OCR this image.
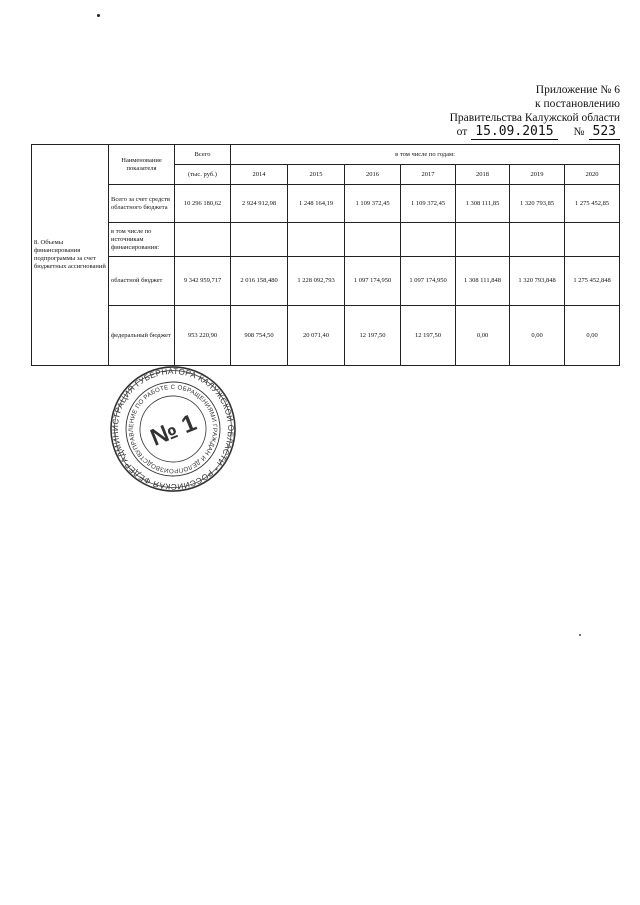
Приложение № 6
к постановлению
Правительства Калужской области
от 15.09.2015	№ 523
8. Объемы финансирования подпрограммы за счет бюджетных ассигнований	Наименование показателя	Всего	в том числе по годам:						
		(тыс. руб.)	2014	2015	2016	2017	2018	2019	2020
	Всего за счет средств областного бюджета	10 296 180,62	2 924 912,98	1 248 164,19	1 109 372,45	1 109 372,45	1 308 111,85	1 320 793,85	1 275 452,85
	в том числе по источникам финансирования:								
	областной бюджет	9 342 959,717	2 016 158,480	1 228 092,793	1 097 174,950	1 097 174,950	1 308 111,848	1 320 793,848	1 275 452,848
	федеральный бюджет	953 220,90	908 754,50	20 071,40	12 197,50	12 197,50	0,00	0,00	0,00
АДМИНИСТРАЦИЯ ГУБЕРНАТОРА КАЛУЖСКОЙ ОБЛАСТИ * РОССИЙСКАЯ ФЕДЕРАЦИЯ
УПРАВЛЕНИЕ ПО РАБОТЕ С ОБРАЩЕНИЯМИ ГРАЖДАН И ДЕЛОПРОИЗВОДСТВУ	№ 1
